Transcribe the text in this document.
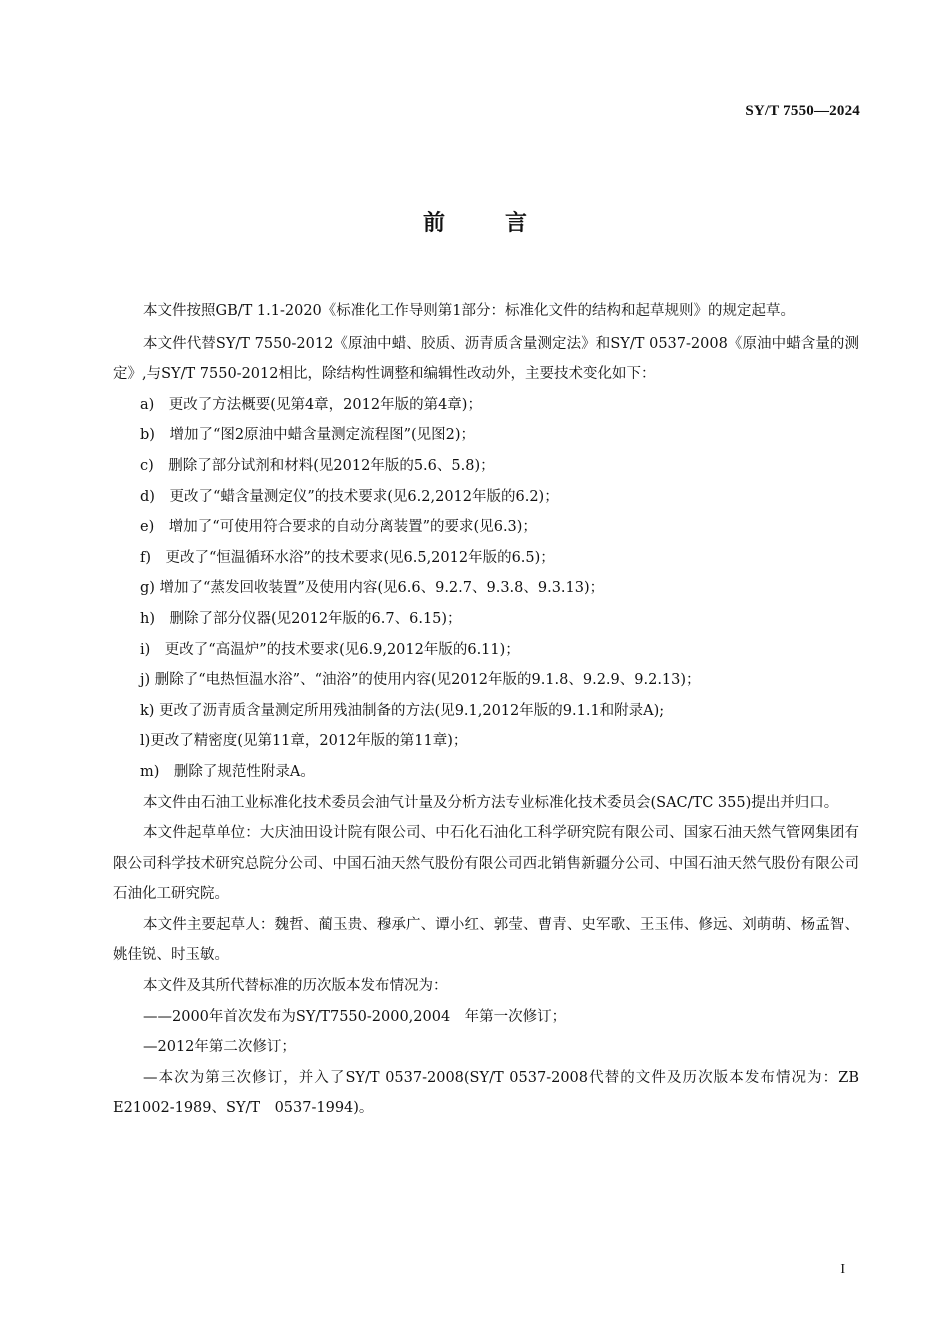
SY/T 7550—2024
前言

本文件按照GB/T 1.1-2020《标准化工作导则第1部分：标准化文件的结构和起草规则》的规定起草。

本文件代替SY/T 7550-2012《原油中蜡、胶质、沥青质含量测定法》和SY/T 0537-2008《原油中蜡含量的测定》,与SY/T 7550-2012相比，除结构性调整和编辑性改动外，主要技术变化如下：

a)　更改了方法概要(见第4章，2012年版的第4章)；

b)　增加了“图2原油中蜡含量测定流程图”(见图2)；

c)　删除了部分试剂和材料(见2012年版的5.6、5.8)；

d)　更改了“蜡含量测定仪”的技术要求(见6.2,2012年版的6.2)；

e)　增加了“可使用符合要求的自动分离装置”的要求(见6.3)；

f)　更改了“恒温循环水浴”的技术要求(见6.5,2012年版的6.5)；

g) 增加了“蒸发回收装置”及使用内容(见6.6、9.2.7、9.3.8、9.3.13)；

h)　删除了部分仪器(见2012年版的6.7、6.15)；

i)　更改了“高温炉”的技术要求(见6.9,2012年版的6.11)；

j) 删除了“电热恒温水浴”、“油浴”的使用内容(见2012年版的9.1.8、9.2.9、9.2.13)；

k) 更改了沥青质含量测定所用残油制备的方法(见9.1,2012年版的9.1.1和附录A);

l)更改了精密度(见第11章，2012年版的第11章)；

m)　删除了规范性附录A。

本文件由石油工业标准化技术委员会油气计量及分析方法专业标准化技术委员会(SAC/TC 355)提出并归口。

本文件起草单位：大庆油田设计院有限公司、中石化石油化工科学研究院有限公司、国家石油天然气管网集团有限公司科学技术研究总院分公司、中国石油天然气股份有限公司西北销售新疆分公司、中国石油天然气股份有限公司石油化工研究院。

本文件主要起草人：魏哲、蔺玉贵、穆承广、谭小红、郭莹、曹青、史军歌、王玉伟、修远、刘萌萌、杨孟智、姚佳锐、时玉敏。

本文件及其所代替标准的历次版本发布情况为：

——2000年首次发布为SY/T7550-2000,2004　年第一次修订；

—2012年第二次修订；

—本次为第三次修订，并入了SY/T 0537-2008(SY/T 0537-2008代替的文件及历次版本发布情况为：ZB　E21002-1989、SY/T　0537-1994)。

I
